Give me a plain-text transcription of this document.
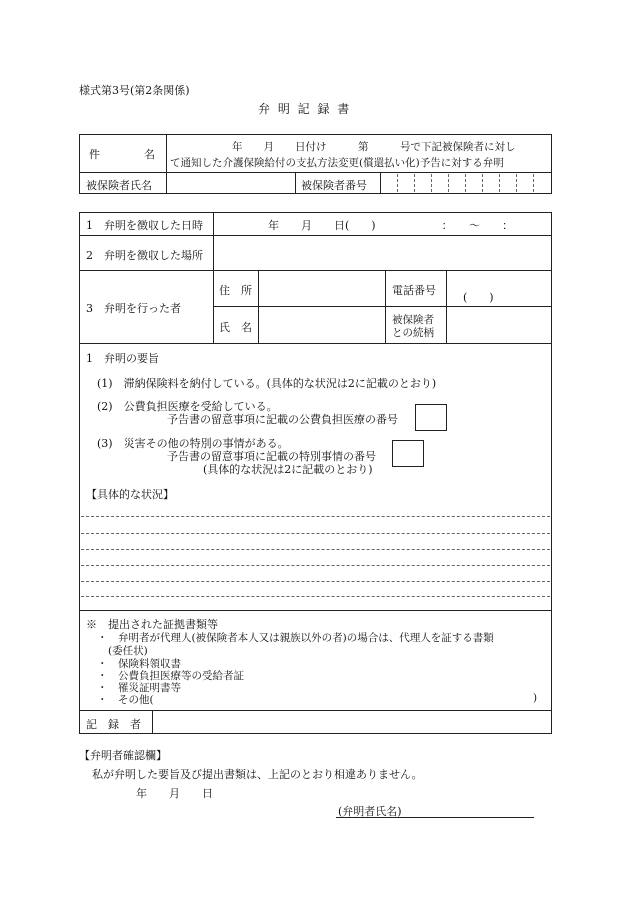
様式第3号(第2条関係)
弁 明 記 録 書
件　　　　名
年　　月　　日付け　　　第　　　号で下記被保険者に対し
て通知した介護保険給付の支払方法変更(償還払い化)予告に対する弁明
被保険者氏名	被保険者番号
1　弁明を徴収した日時	年　　月　　日(　　)　　　　　　：　　〜　　：
2　弁明を徴収した場所
3　弁明を行った者
住　所	電話番号
(　　)
氏　名
被保険者
との続柄
1　弁明の要旨
(1)　滞納保険料を納付している。(具体的な状況は2に記載のとおり)
(2)　公費負担医療を受給している。
予告書の留意事項に記載の公費負担医療の番号
(3)　災害その他の特別の事情がある。
予告書の留意事項に記載の特別事情の番号
(具体的な状況は2に記載のとおり)
【具体的な状況】
※　提出された証拠書類等
・　弁明者が代理人(被保険者本人又は親族以外の者)の場合は、代理人を証する書類
(委任状)
・　保険料領収書
・　公費負担医療等の受給者証
・　罹災証明書等
・　その他(	)
記　録　者
【弁明者確認欄】
私が弁明した要旨及び提出書類は、上記のとおり相違ありません。
年　　月　　日
(弁明者氏名)
